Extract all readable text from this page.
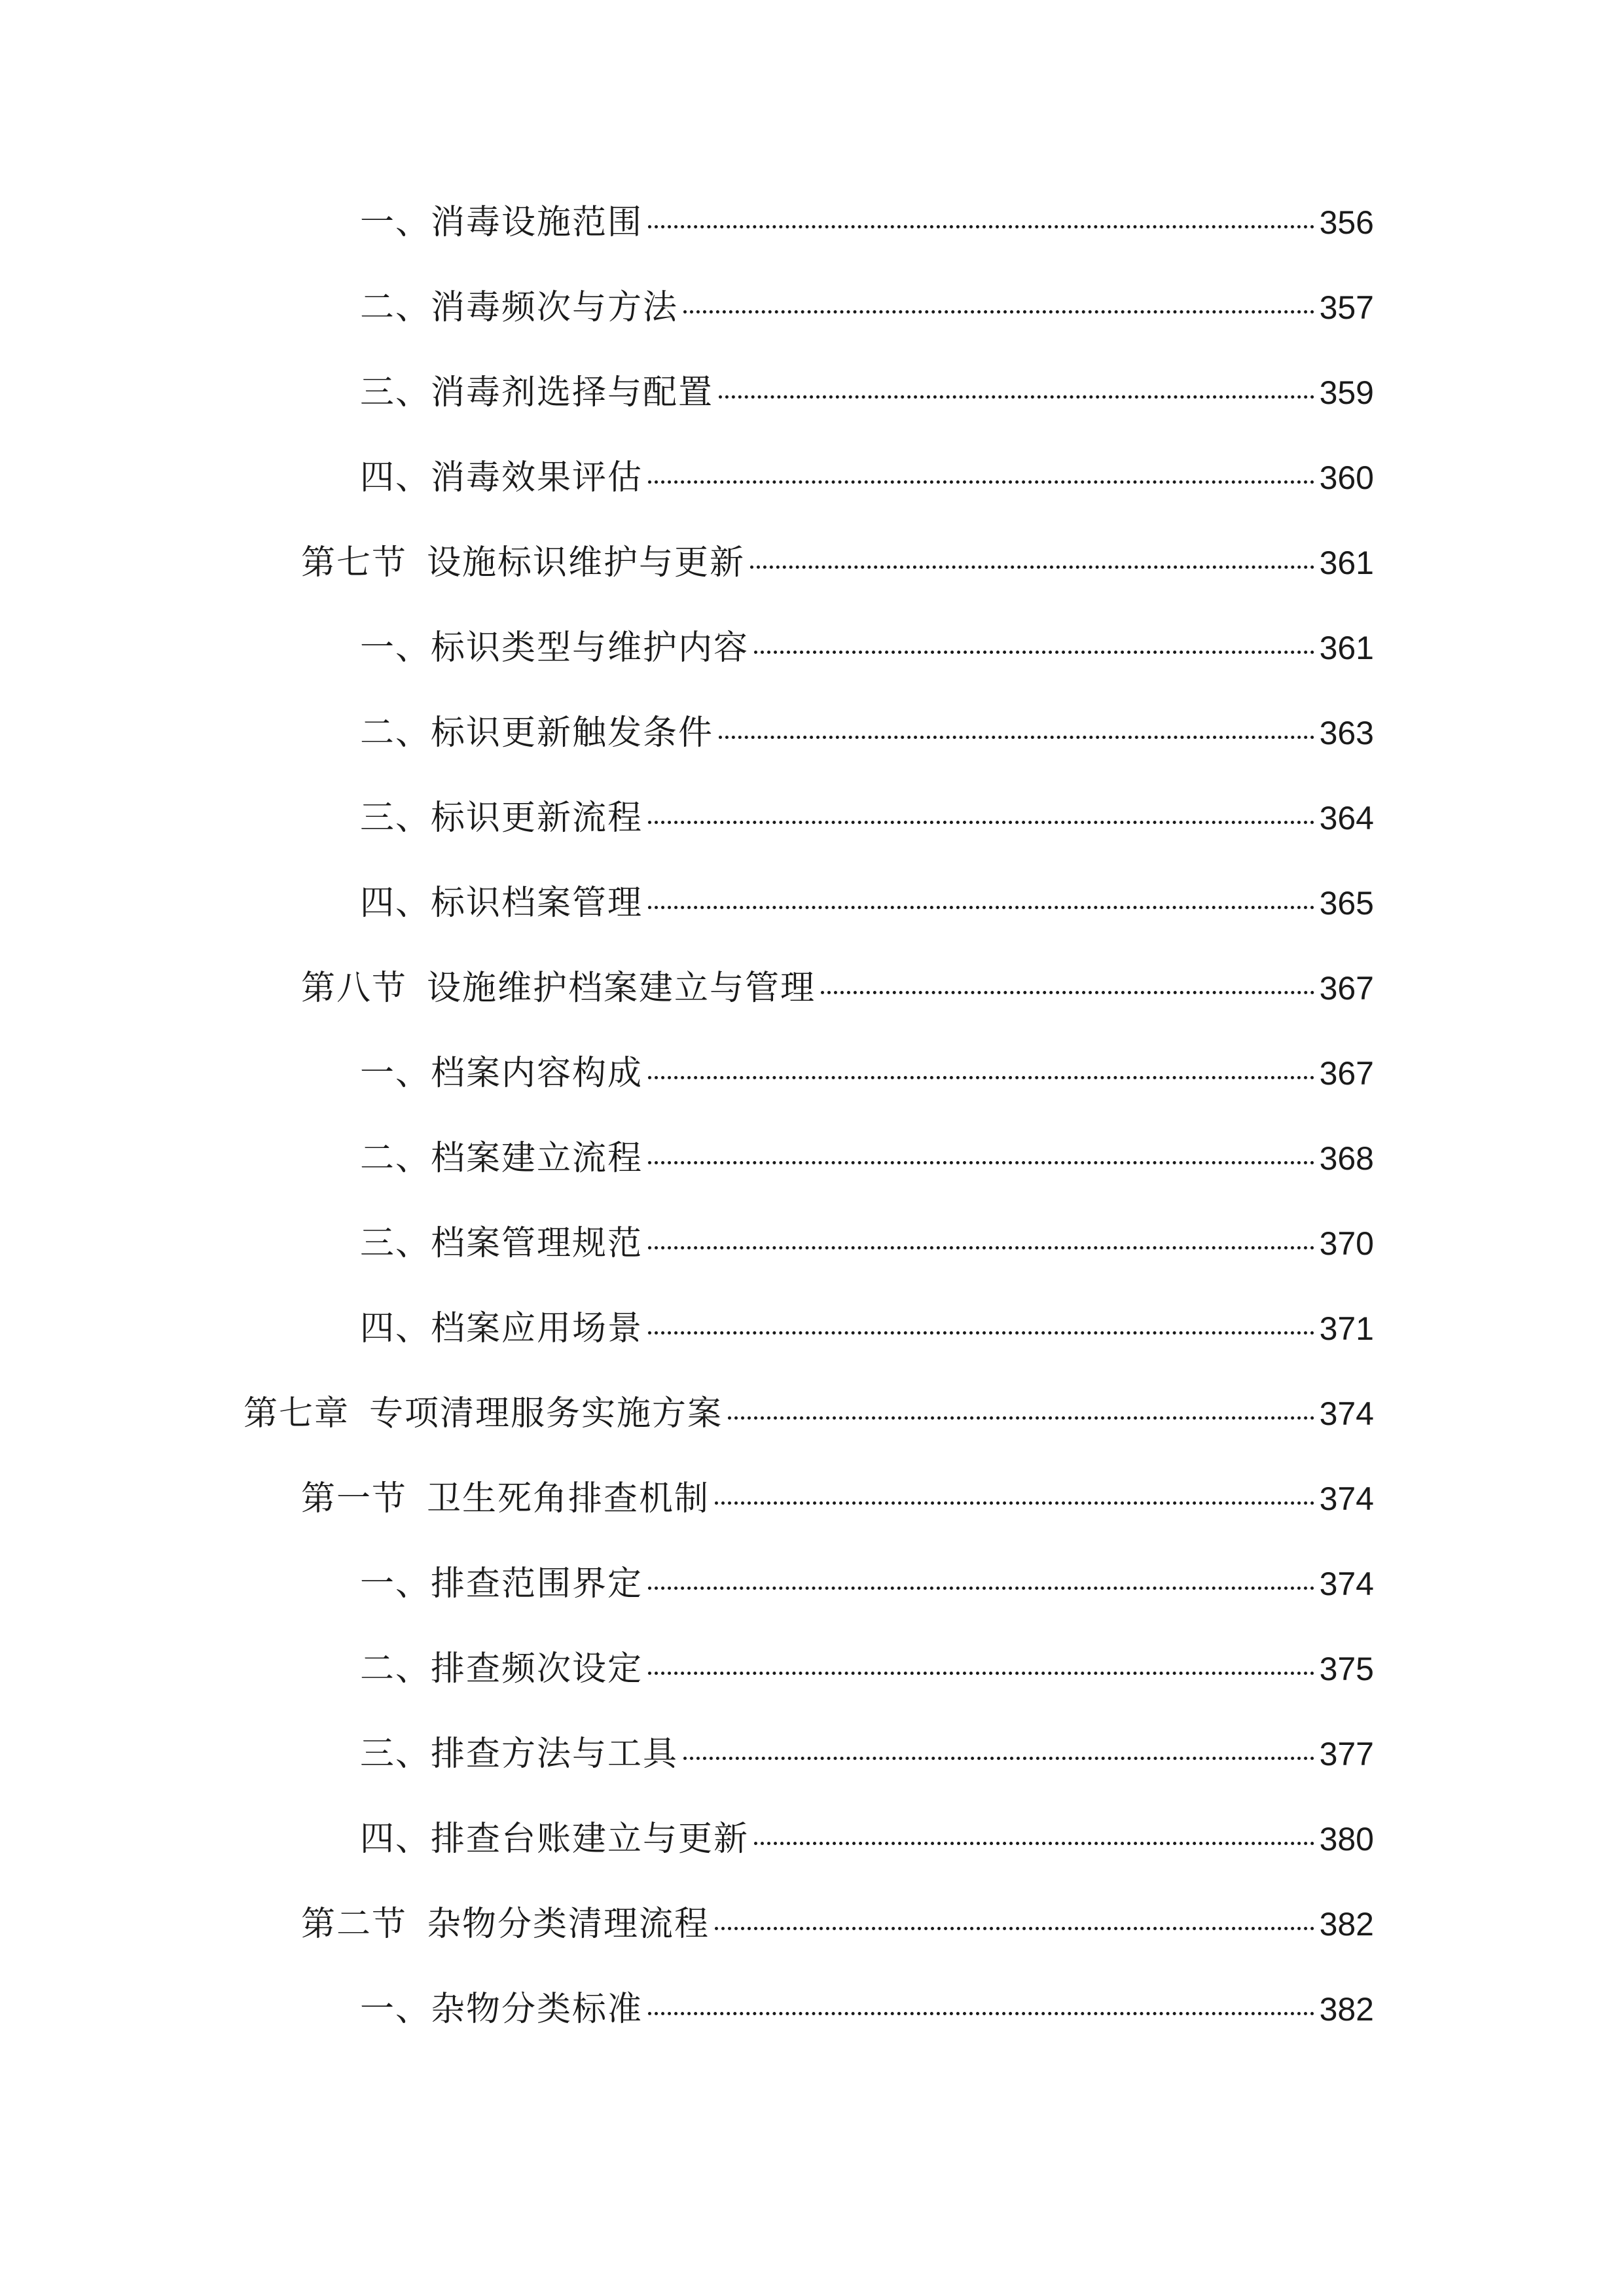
一、消毒设施范围	356
二、消毒频次与方法	357
三、消毒剂选择与配置	359
四、消毒效果评估	360
第七节 设施标识维护与更新	361
一、标识类型与维护内容	361
二、标识更新触发条件	363
三、标识更新流程	364
四、标识档案管理	365
第八节 设施维护档案建立与管理	367
一、档案内容构成	367
二、档案建立流程	368
三、档案管理规范	370
四、档案应用场景	371
第七章 专项清理服务实施方案	374
第一节 卫生死角排查机制	374
一、排查范围界定	374
二、排查频次设定	375
三、排查方法与工具	377
四、排查台账建立与更新	380
第二节 杂物分类清理流程	382
一、杂物分类标准	382
